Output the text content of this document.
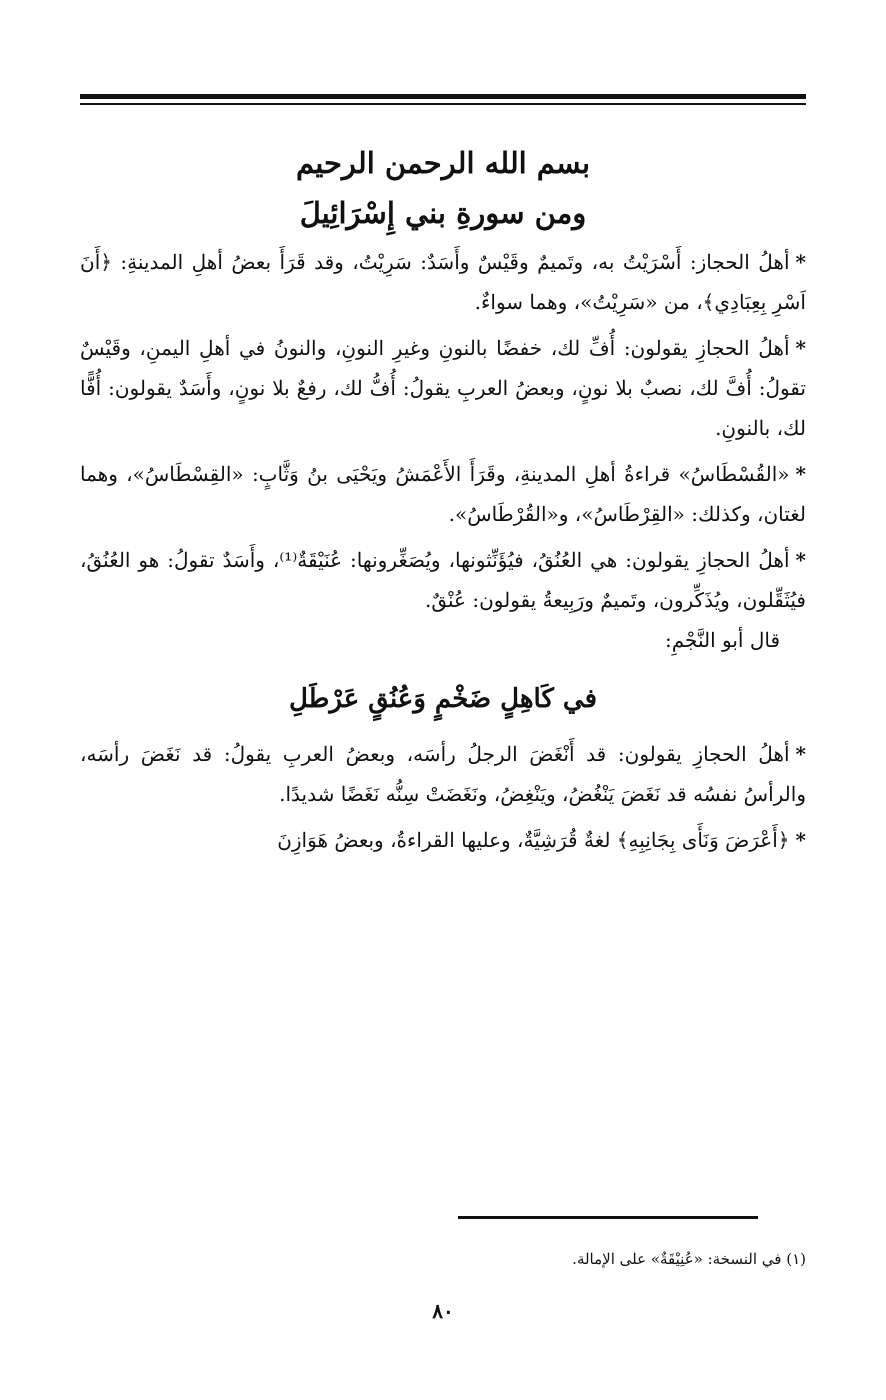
بسم الله الرحمن الرحيم
ومن سورةِ بني إِسْرَائِيلَ

*أهلُ الحجاز: أَسْرَيْتُ به، وتَميمٌ وقَيْسٌ وأَسَدٌ: سَرِيْتُ، وقد قَرَأَ بعضُ أهلِ المدينةِ: ﴿أَنَ اَسْرِ بِعِبَادِي﴾، من «سَرِيْتُ»، وهما سواءٌ.

*أهلُ الحجازِ يقولون: أُفِّ لك، خفضًا بالنونِ وغيرِ النونِ، والنونُ في أهلِ اليمنِ، وقَيْسٌ تقولُ: أُفَّ لك، نصبٌ بلا نونٍ، وبعضُ العربِ يقولُ: أُفُّ لك، رفعٌ بلا نونٍ، وأَسَدٌ يقولون: أُفًّا لك، بالنونِ.

*«القُسْطَاسُ» قراءةُ أهلِ المدينةِ، وقَرَأَ الأَعْمَشُ ويَحْيَى بنُ وَثَّابٍ: «القِسْطَاسُ»، وهما لغتان، وكذلك: «القِرْطَاسُ»، و«القُرْطَاسُ».

*أهلُ الحجازِ يقولون: هي العُنُقُ، فيُؤَنِّثونها، ويُصَغِّرونها: عُنَيْقَةٌ⁽¹⁾، وأَسَدٌ تقولُ: هو العُنُقُ، فيُثَقِّلون، ويُذَكِّرون، وتَميمٌ ورَبِيعةُ يقولون: عُنْقٌ.

قال أبو النَّجْمِ:
في كَاهِلٍ ضَخْمٍ وَعُنُقٍ عَرْطَلِ

*أهلُ الحجازِ يقولون: قد أَنْغَضَ الرجلُ رأسَه، وبعضُ العربِ يقولُ: قد نَغَضَ رأسَه، والرأسُ نفسُه قد نَغَضَ يَنْغُضُ، ويَنْغِضُ، ونَغَضَتْ سِنُّه نَغَضًا شديدًا.

*﴿أَعْرَضَ وَنَأَى بِجَانِبِهِ﴾ لغةٌ قُرَشِيَّةٌ، وعليها القراءةُ، وبعضُ هَوَازِنَ

(١) في النسخة: «عُنِيْقَةٌ» على الإمالة.
٨٠
